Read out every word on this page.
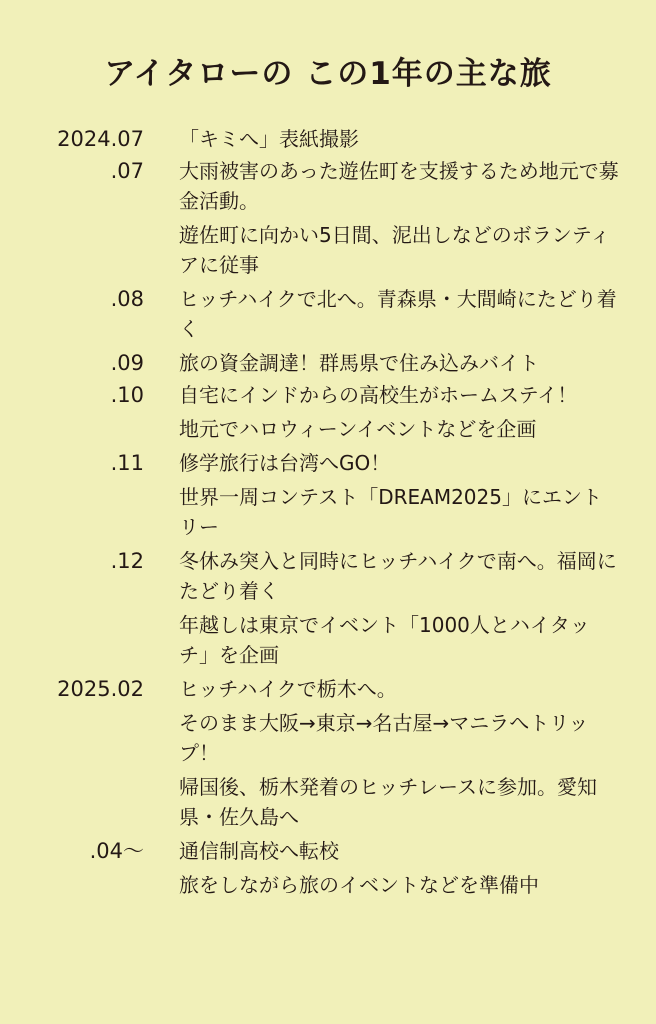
アイタローの この1年の主な旅
2024.07 「キミへ」表紙撮影
.07 大雨被害のあった遊佐町を支援するため地元で募金活動。
遊佐町に向かい5日間、泥出しなどのボランティアに従事
.08 ヒッチハイクで北へ。青森県・大間崎にたどり着く
.09 旅の資金調達！群馬県で住み込みバイト
.10 自宅にインドからの高校生がホームステイ！
地元でハロウィーンイベントなどを企画
.11 修学旅行は台湾へGO！
世界一周コンテスト「DREAM2025」にエントリー
.12 冬休み突入と同時にヒッチハイクで南へ。福岡にたどり着く
年越しは東京でイベント「1000人とハイタッチ」を企画
2025.02 ヒッチハイクで栃木へ。
そのまま大阪→東京→名古屋→マニラへトリップ！
帰国後、栃木発着のヒッチレースに参加。愛知県・佐久島へ
.04〜 通信制高校へ転校
旅をしながら旅のイベントなどを準備中
